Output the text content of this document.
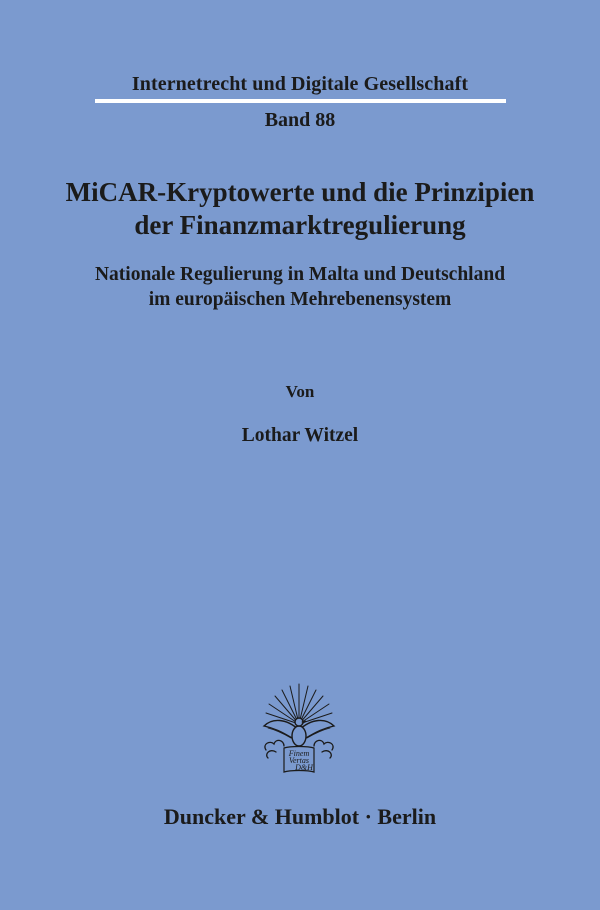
Internetrecht und Digitale Gesellschaft
Band 88
MiCAR-Kryptowerte und die Prinzipien
der Finanzmarktregulierung
Nationale Regulierung in Malta und Deutschland
im europäischen Mehrebenensystem
Von
Lothar Witzel
Finem
Vertas
D&H
Duncker & Humblot · Berlin
